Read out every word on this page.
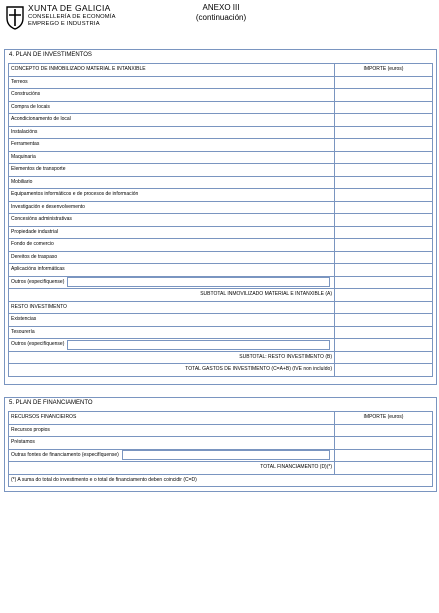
XUNTA DE GALICIA
CONSELLERÍA DE ECONOMÍA
EMPREGO E INDUSTRIA
ANEXO III
(continuación)
4. PLAN DE INVESTIMENTOS
CONCEPTO DE INMOBILIZADO MATERIAL E INTANXIBLE	IMPORTE (euros)
Terreos	
Construcións	
Compra de locais	
Acondicionamento de local	
Instalacións	
Ferramentas	
Maquinaria	
Elementos de transporte	
Mobiliario	
Equipamentos informáticos e de procesos de información	
Investigación e desenvolvemento	
Concesións administrativas	
Propiedade industrial	
Fondo de comercio	
Dereitos de traspaso	
Aplicacións informáticas	

Outros (especifíquense)	

SUBTOTAL INMOVILIZADO MATERIAL E INTANXIBLE (A)	
RESTO INVESTIMENTO	
Existencias	
Tesourería	

Outros (especifíquense)	

SUBTOTAL: RESTO INVESTIMENTO (B)	
TOTAL GASTOS DE INVESTIMENTO (C=A+B) (IVE non incluído)	
5. PLAN DE FINANCIAMENTO
RECURSOS FINANCIEIROS	IMPORTE (euros)
Recursos propios	
Préstamos	

Outras fontes de financiamento (especifíquense)	

TOTAL FINANCIAMENTO (D)(*)	
(*) A suma do total do investimento e o total de financiamento deben coincidir (C=D)	
